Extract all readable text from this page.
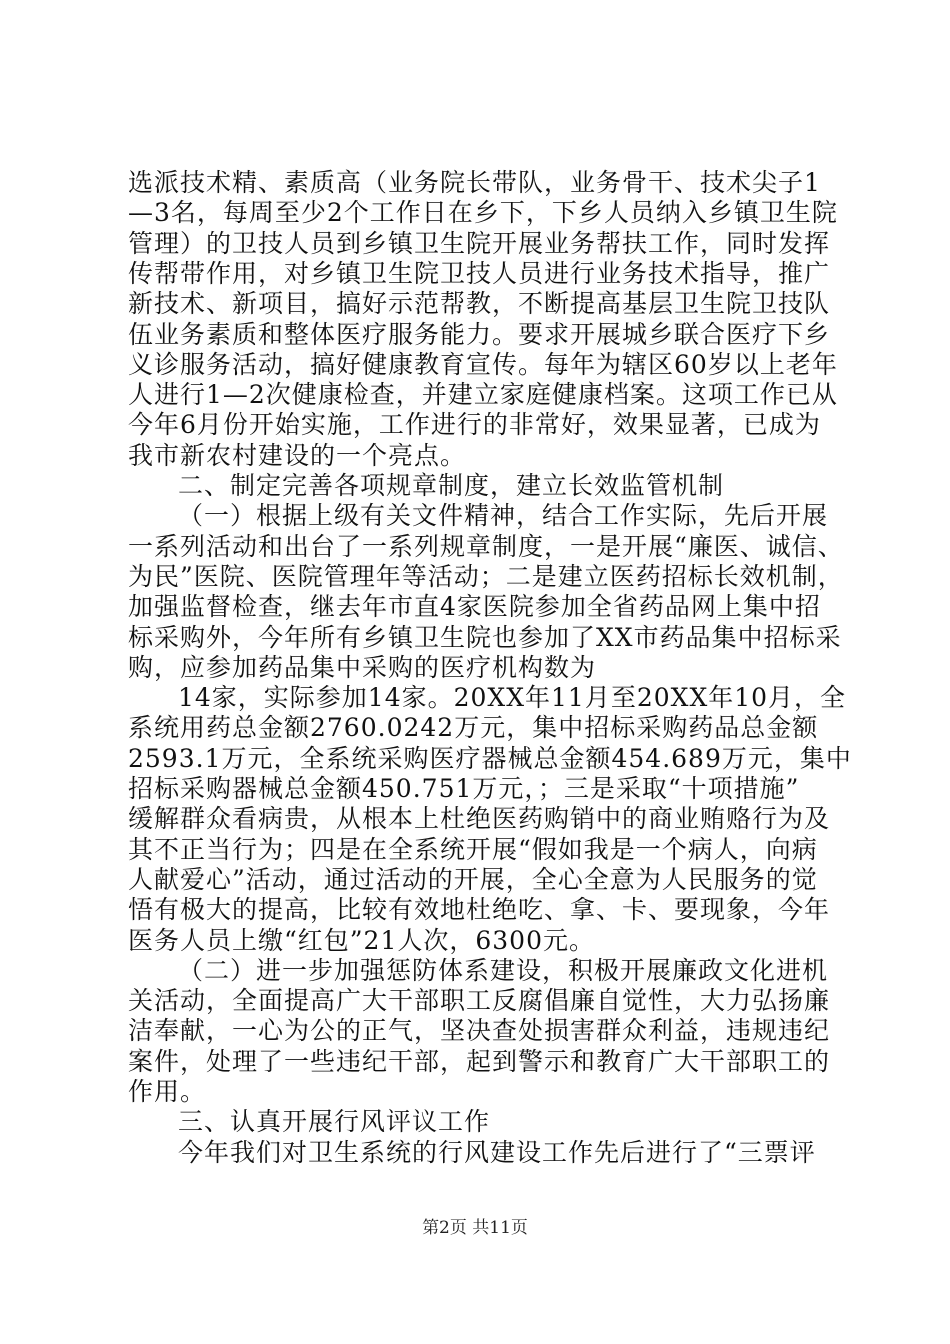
选派技术精、素质高（业务院长带队，业务骨干、技术尖子1
—3名，每周至少2个工作日在乡下，下乡人员纳入乡镇卫生院
管理）的卫技人员到乡镇卫生院开展业务帮扶工作，同时发挥
传帮带作用，对乡镇卫生院卫技人员进行业务技术指导，推广
新技术、新项目，搞好示范帮教，不断提高基层卫生院卫技队
伍业务素质和整体医疗服务能力。要求开展城乡联合医疗下乡
义诊服务活动，搞好健康教育宣传。每年为辖区60岁以上老年
人进行1—2次健康检查，并建立家庭健康档案。这项工作已从
今年6月份开始实施，工作进行的非常好，效果显著，已成为
我市新农村建设的一个亮点。
二、制定完善各项规章制度，建立长效监管机制
（一）根据上级有关文件精神，结合工作实际，先后开展
一系列活动和出台了一系列规章制度，一是开展“廉医、诚信、
为民”医院、医院管理年等活动；二是建立医药招标长效机制，
加强监督检查，继去年市直4家医院参加全省药品网上集中招
标采购外，今年所有乡镇卫生院也参加了XX市药品集中招标采
购，应参加药品集中采购的医疗机构数为
14家，实际参加14家。20XX年11月至20XX年10月，全
系统用药总金额2760.0242万元，集中招标采购药品总金额
2593.1万元，全系统采购医疗器械总金额454.689万元，集中
招标采购器械总金额450.751万元，；三是采取“十项措施”
缓解群众看病贵，从根本上杜绝医药购销中的商业贿赂行为及
其不正当行为；四是在全系统开展“假如我是一个病人，向病
人献爱心”活动，通过活动的开展，全心全意为人民服务的觉
悟有极大的提高，比较有效地杜绝吃、拿、卡、要现象，今年
医务人员上缴“红包”21人次，6300元。
（二）进一步加强惩防体系建设，积极开展廉政文化进机
关活动，全面提高广大干部职工反腐倡廉自觉性，大力弘扬廉
洁奉献，一心为公的正气，坚决查处损害群众利益，违规违纪
案件，处理了一些违纪干部，起到警示和教育广大干部职工的
作用。
三、认真开展行风评议工作
今年我们对卫生系统的行风建设工作先后进行了“三票评
第2页 共11页
